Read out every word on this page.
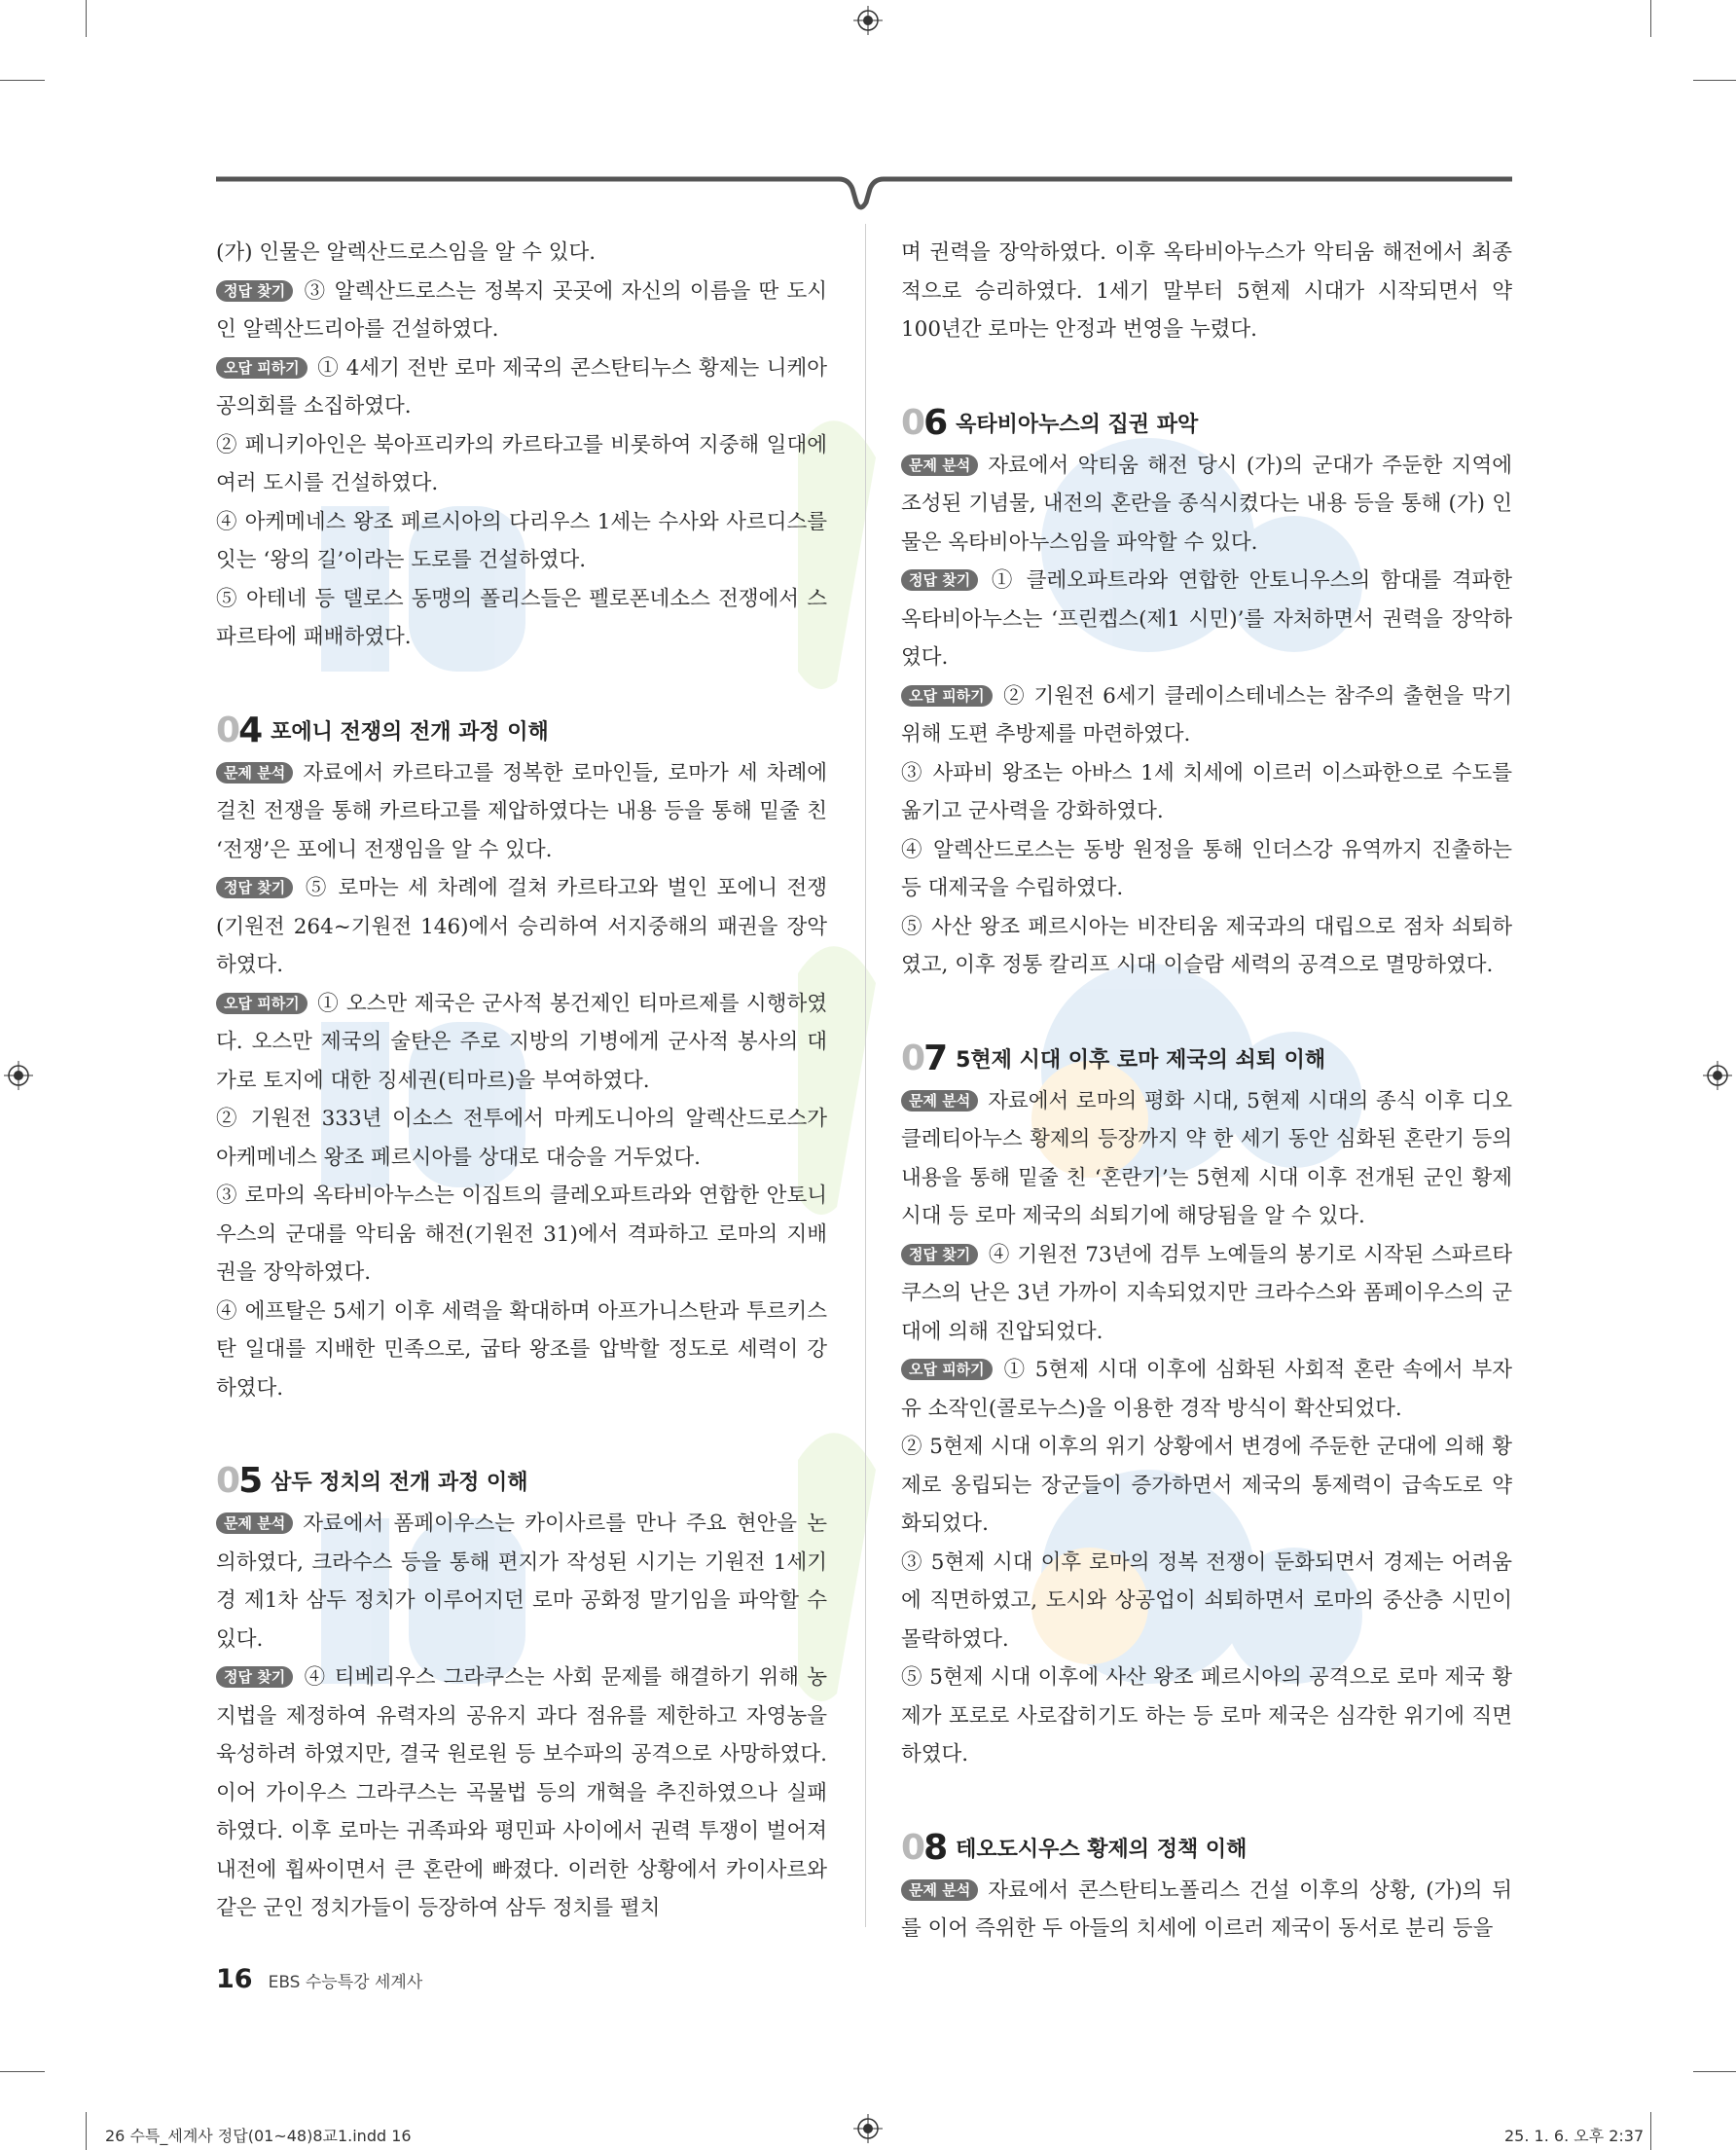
(가) 인물은 알렉산드로스임을 알 수 있다.

정답 찾기 ③ 알렉산드로스는 정복지 곳곳에 자신의 이름을 딴 도시인 알렉산드리아를 건설하였다.

오답 피하기 ① 4세기 전반 로마 제국의 콘스탄티누스 황제는 니케아 공의회를 소집하였다.

② 페니키아인은 북아프리카의 카르타고를 비롯하여 지중해 일대에 여러 도시를 건설하였다.

④ 아케메네스 왕조 페르시아의 다리우스 1세는 수사와 사르디스를 잇는 ‘왕의 길’이라는 도로를 건설하였다.

⑤ 아테네 등 델로스 동맹의 폴리스들은 펠로폰네소스 전쟁에서 스파르타에 패배하였다.

04 포에니 전쟁의 전개 과정 이해

문제 분석 자료에서 카르타고를 정복한 로마인들, 로마가 세 차례에 걸친 전쟁을 통해 카르타고를 제압하였다는 내용 등을 통해 밑줄 친 ‘전쟁’은 포에니 전쟁임을 알 수 있다.

정답 찾기 ⑤ 로마는 세 차례에 걸쳐 카르타고와 벌인 포에니 전쟁(기원전 264~기원전 146)에서 승리하여 서지중해의 패권을 장악하였다.

오답 피하기 ① 오스만 제국은 군사적 봉건제인 티마르제를 시행하였다. 오스만 제국의 술탄은 주로 지방의 기병에게 군사적 봉사의 대가로 토지에 대한 징세권(티마르)을 부여하였다.

② 기원전 333년 이소스 전투에서 마케도니아의 알렉산드로스가 아케메네스 왕조 페르시아를 상대로 대승을 거두었다.

③ 로마의 옥타비아누스는 이집트의 클레오파트라와 연합한 안토니우스의 군대를 악티움 해전(기원전 31)에서 격파하고 로마의 지배권을 장악하였다.

④ 에프탈은 5세기 이후 세력을 확대하며 아프가니스탄과 투르키스탄 일대를 지배한 민족으로, 굽타 왕조를 압박할 정도로 세력이 강하였다.

05 삼두 정치의 전개 과정 이해

문제 분석 자료에서 폼페이우스는 카이사르를 만나 주요 현안을 논의하였다, 크라수스 등을 통해 편지가 작성된 시기는 기원전 1세기경 제1차 삼두 정치가 이루어지던 로마 공화정 말기임을 파악할 수 있다.

정답 찾기 ④ 티베리우스 그라쿠스는 사회 문제를 해결하기 위해 농지법을 제정하여 유력자의 공유지 과다 점유를 제한하고 자영농을 육성하려 하였지만, 결국 원로원 등 보수파의 공격으로 사망하였다. 이어 가이우스 그라쿠스는 곡물법 등의 개혁을 추진하였으나 실패하였다. 이후 로마는 귀족파와 평민파 사이에서 권력 투쟁이 벌어져 내전에 휩싸이면서 큰 혼란에 빠졌다. 이러한 상황에서 카이사르와 같은 군인 정치가들이 등장하여 삼두 정치를 펼치

며 권력을 장악하였다. 이후 옥타비아누스가 악티움 해전에서 최종적으로 승리하였다. 1세기 말부터 5현제 시대가 시작되면서 약 100년간 로마는 안정과 번영을 누렸다.

06 옥타비아누스의 집권 파악

문제 분석 자료에서 악티움 해전 당시 (가)의 군대가 주둔한 지역에 조성된 기념물, 내전의 혼란을 종식시켰다는 내용 등을 통해 (가) 인물은 옥타비아누스임을 파악할 수 있다.

정답 찾기 ① 클레오파트라와 연합한 안토니우스의 함대를 격파한 옥타비아누스는 ‘프린켑스(제1 시민)’를 자처하면서 권력을 장악하였다.

오답 피하기 ② 기원전 6세기 클레이스테네스는 참주의 출현을 막기 위해 도편 추방제를 마련하였다.

③ 사파비 왕조는 아바스 1세 치세에 이르러 이스파한으로 수도를 옮기고 군사력을 강화하였다.

④ 알렉산드로스는 동방 원정을 통해 인더스강 유역까지 진출하는 등 대제국을 수립하였다.

⑤ 사산 왕조 페르시아는 비잔티움 제국과의 대립으로 점차 쇠퇴하였고, 이후 정통 칼리프 시대 이슬람 세력의 공격으로 멸망하였다.

07 5현제 시대 이후 로마 제국의 쇠퇴 이해

문제 분석 자료에서 로마의 평화 시대, 5현제 시대의 종식 이후 디오클레티아누스 황제의 등장까지 약 한 세기 동안 심화된 혼란기 등의 내용을 통해 밑줄 친 ‘혼란기’는 5현제 시대 이후 전개된 군인 황제 시대 등 로마 제국의 쇠퇴기에 해당됨을 알 수 있다.

정답 찾기 ④ 기원전 73년에 검투 노예들의 봉기로 시작된 스파르타쿠스의 난은 3년 가까이 지속되었지만 크라수스와 폼페이우스의 군대에 의해 진압되었다.

오답 피하기 ① 5현제 시대 이후에 심화된 사회적 혼란 속에서 부자유 소작인(콜로누스)을 이용한 경작 방식이 확산되었다.

② 5현제 시대 이후의 위기 상황에서 변경에 주둔한 군대에 의해 황제로 옹립되는 장군들이 증가하면서 제국의 통제력이 급속도로 약화되었다.

③ 5현제 시대 이후 로마의 정복 전쟁이 둔화되면서 경제는 어려움에 직면하였고, 도시와 상공업이 쇠퇴하면서 로마의 중산층 시민이 몰락하였다.

⑤ 5현제 시대 이후에 사산 왕조 페르시아의 공격으로 로마 제국 황제가 포로로 사로잡히기도 하는 등 로마 제국은 심각한 위기에 직면하였다.

08 테오도시우스 황제의 정책 이해

문제 분석 자료에서 콘스탄티노폴리스 건설 이후의 상황, (가)의 뒤를 이어 즉위한 두 아들의 치세에 이르러 제국이 동서로 분리 등을

16 EBS 수능특강 세계사
26 수특_세계사 정답(01~48)8교1.indd 16	25. 1. 6. 오후 2:37
